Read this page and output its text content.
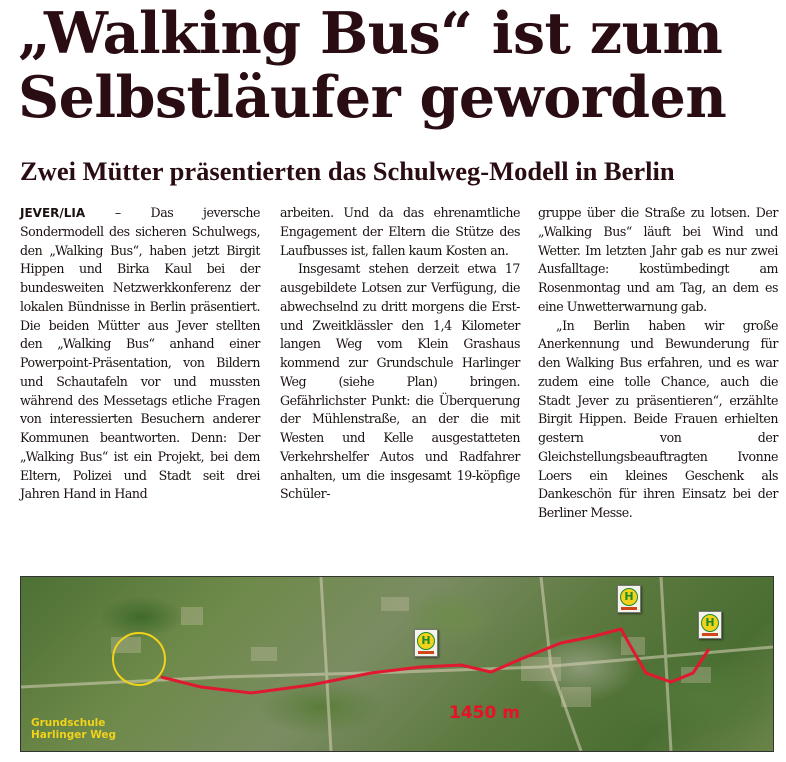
„Walking Bus“ ist zum
Selbstläufer geworden
Zwei Mütter präsentierten das Schulweg-Modell in Berlin

JEVER/LIA – Das jeversche Sondermodell des sicheren Schulwegs, den „Walking Bus“, haben jetzt Birgit Hippen und Birka Kaul bei der bundesweiten Netzwerkkonferenz der lokalen Bündnisse in Berlin präsentiert. Die beiden Mütter aus Jever stellten den „Walking Bus“ anhand einer Powerpoint-Präsentation, von Bildern und Schautafeln vor und mussten während des Messetags etliche Fragen von interessierten Besuchern anderer Kommunen beantworten. Denn: Der „Walking Bus“ ist ein Projekt, bei dem Eltern, Polizei und Stadt seit drei Jahren Hand in Hand

arbeiten. Und da das ehrenamtliche Engagement der Eltern die Stütze des Laufbusses ist, fallen kaum Kosten an.

Insgesamt stehen derzeit etwa 17 ausgebildete Lotsen zur Verfügung, die abwechselnd zu dritt morgens die Erst- und Zweitklässler den 1,4 Kilometer langen Weg vom Klein Grashaus kommend zur Grundschule Harlinger Weg (siehe Plan) bringen. Gefährlichster Punkt: die Überquerung der Mühlenstraße, an der die mit Westen und Kelle ausgestatteten Verkehrshelfer Autos und Radfahrer anhalten, um die insgesamt 19-köpfige Schüler-

gruppe über die Straße zu lotsen. Der „Walking Bus“ läuft bei Wind und Wetter. Im letzten Jahr gab es nur zwei Ausfalltage: kostümbedingt am Rosenmontag und am Tag, an dem es eine Unwetterwarnung gab.

„In Berlin haben wir große Anerkennung und Bewunderung für den Walking Bus erfahren, und es war zudem eine tolle Chance, auch die Stadt Jever zu präsentieren“, erzählte Birgit Hippen. Beide Frauen erhielten gestern von der Gleichstellungsbeauftragten Ivonne Loers ein kleines Geschenk als Dankeschön für ihren Einsatz bei der Berliner Messe.

H
H
H
1450 m
Grundschule
Harlinger Weg
